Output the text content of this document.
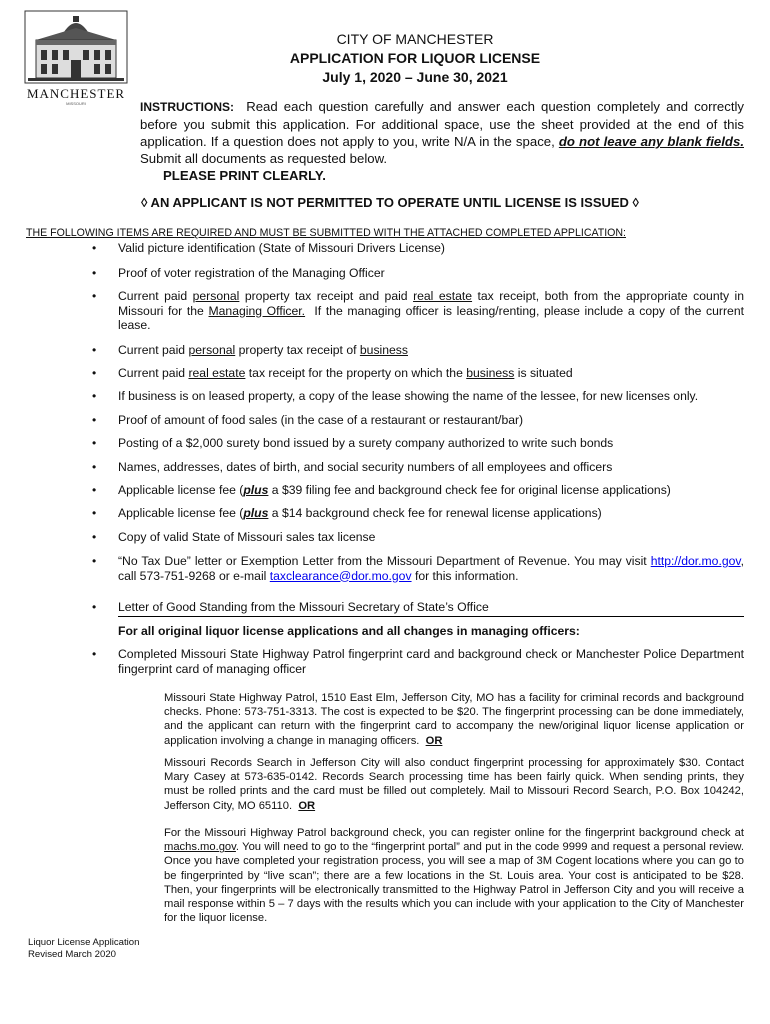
MANCHESTER
MISSOURI
CITY OF MANCHESTER
APPLICATION FOR LIQUOR LICENSE
July 1, 2020 – June 30, 2021
INSTRUCTIONS: Read each question carefully and answer each question completely and correctly before you submit this application. For additional space, use the sheet provided at the end of this application. If a question does not apply to you, write N/A in the space, do not leave any blank fields. Submit all documents as requested below.
PLEASE PRINT CLEARLY.
◊ AN APPLICANT IS NOT PERMITTED TO OPERATE UNTIL LICENSE IS ISSUED ◊
THE FOLLOWING ITEMS ARE REQUIRED AND MUST BE SUBMITTED WITH THE ATTACHED COMPLETED APPLICATION:
• Valid picture identification (State of Missouri Drivers License)
• Proof of voter registration of the Managing Officer
• Current paid personal property tax receipt and paid real estate tax receipt, both from the appropriate county in Missouri for the Managing Officer. If the managing officer is leasing/renting, please include a copy of the current lease.
• Current paid personal property tax receipt of business
• Current paid real estate tax receipt for the property on which the business is situated
• If business is on leased property, a copy of the lease showing the name of the lessee, for new licenses only.
• Proof of amount of food sales (in the case of a restaurant or restaurant/bar)
• Posting of a $2,000 surety bond issued by a surety company authorized to write such bonds
• Names, addresses, dates of birth, and social security numbers of all employees and officers
• Applicable license fee (plus a $39 filing fee and background check fee for original license applications)
• Applicable license fee (plus a $14 background check fee for renewal license applications)
• Copy of valid State of Missouri sales tax license
• “No Tax Due” letter or Exemption Letter from the Missouri Department of Revenue. You may visit http://dor.mo.gov, call 573-751-9268 or e-mail taxclearance@dor.mo.gov for this information.
• Letter of Good Standing from the Missouri Secretary of State’s Office
For all original liquor license applications and all changes in managing officers:
• Completed Missouri State Highway Patrol fingerprint card and background check or Manchester Police Department fingerprint card of managing officer
Missouri State Highway Patrol, 1510 East Elm, Jefferson City, MO has a facility for criminal records and background checks. Phone: 573-751-3313. The cost is expected to be $20. The fingerprint processing can be done immediately, and the applicant can return with the fingerprint card to accompany the new/original liquor license application or application involving a change in managing officers. OR
Missouri Records Search in Jefferson City will also conduct fingerprint processing for approximately $30. Contact Mary Casey at 573-635-0142. Records Search processing time has been fairly quick. When sending prints, they must be rolled prints and the card must be filled out completely. Mail to Missouri Record Search, P.O. Box 104242, Jefferson City, MO 65110. OR
For the Missouri Highway Patrol background check, you can register online for the fingerprint background check at machs.mo.gov. You will need to go to the “fingerprint portal” and put in the code 9999 and request a personal review. Once you have completed your registration process, you will see a map of 3M Cogent locations where you can go to be fingerprinted by “live scan”; there are a few locations in the St. Louis area. Your cost is anticipated to be $28. Then, your fingerprints will be electronically transmitted to the Highway Patrol in Jefferson City and you will receive a mail response within 5 – 7 days with the results which you can include with your application to the City of Manchester for the liquor license.
Liquor License Application
Revised March 2020
